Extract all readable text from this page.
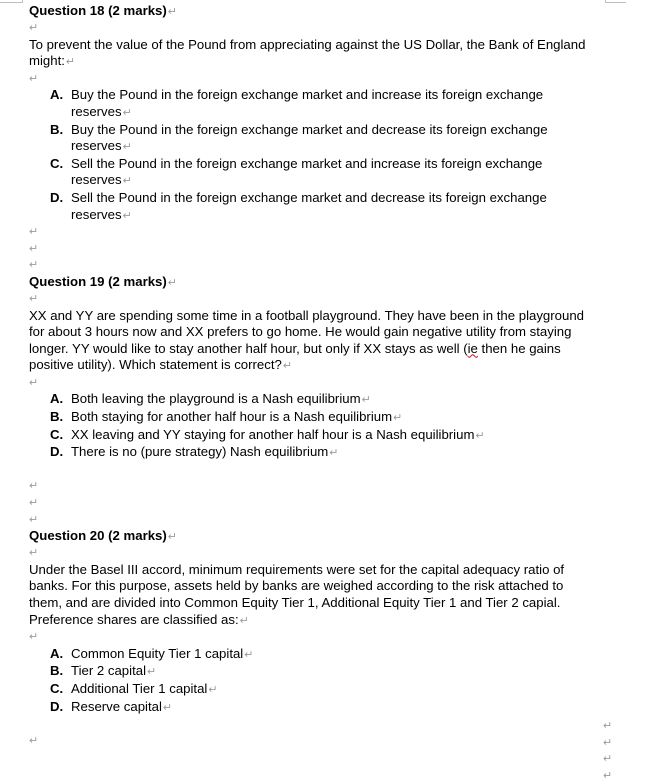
Question 18 (2 marks)↵

↵

To prevent the value of the Pound from appreciating against the US Dollar, the Bank of England might:↵

↵
A. Buy the Pound in the foreign exchange market and increase its foreign exchange reserves↵
B. Buy the Pound in the foreign exchange market and decrease its foreign exchange reserves↵
C. Sell the Pound in the foreign exchange market and increase its foreign exchange reserves↵
D. Sell the Pound in the foreign exchange market and decrease its foreign exchange reserves↵
↵
↵
↵

Question 19 (2 marks)↵

↵

XX and YY are spending some time in a football playground. They have been in the playground for about 3 hours now and XX prefers to go home. He would gain negative utility from staying longer. YY would like to stay another half hour, but only if XX stays as well (ie then he gains positive utility). Which statement is correct?↵

↵
A. Both leaving the playground is a Nash equilibrium↵
B. Both staying for another half hour is a Nash equilibrium↵
C. XX leaving and YY staying for another half hour is a Nash equilibrium↵
D. There is no (pure strategy) Nash equilibrium↵
↵
↵
↵

Question 20 (2 marks)↵

↵

Under the Basel III accord, minimum requirements were set for the capital adequacy ratio of banks. For this purpose, assets held by banks are weighed according to the risk attached to them, and are divided into Common Equity Tier 1, Additional Equity Tier 1 and Tier 2 capial. Preference shares are classified as:↵

↵
A. Common Equity Tier 1 capital↵
B. Tier 2 capital↵
C. Additional Tier 1 capital↵
D. Reserve capital↵
↵
↵
↵
↵
↵
